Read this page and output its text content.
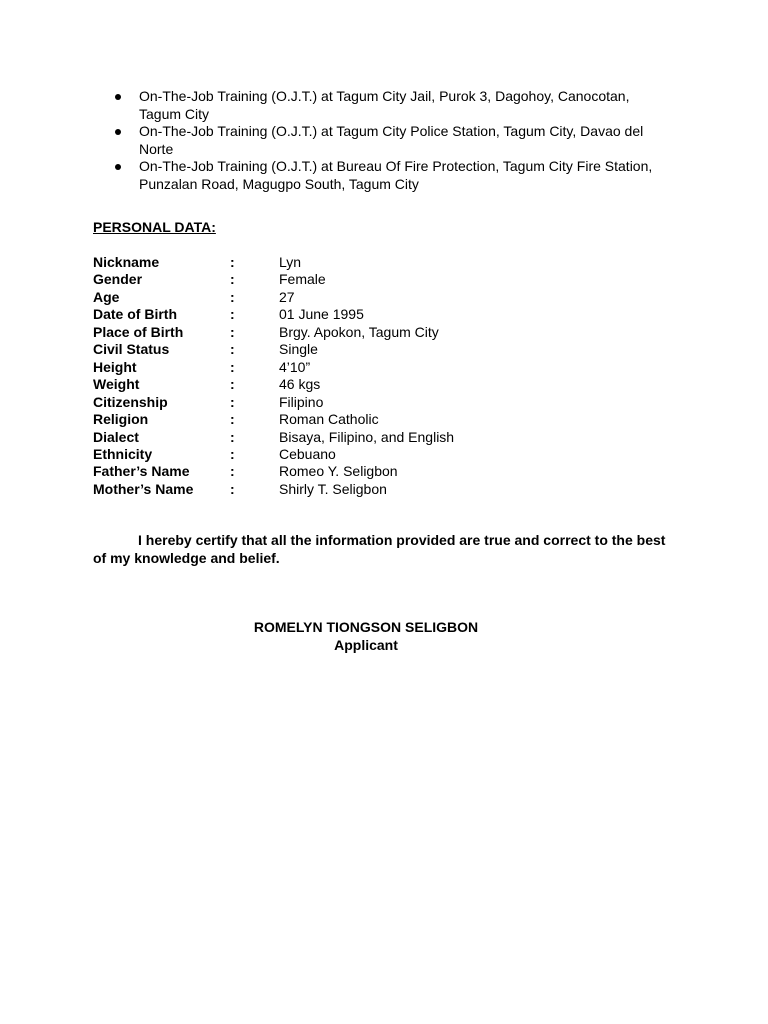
On-The-Job Training (O.J.T.) at Tagum City Jail, Purok 3, Dagohoy, Canocotan, Tagum City
On-The-Job Training (O.J.T.) at Tagum City Police Station, Tagum City, Davao del Norte
On-The-Job Training (O.J.T.) at Bureau Of Fire Protection, Tagum City Fire Station, Punzalan Road, Magugpo South, Tagum City
PERSONAL DATA:
Nickname	:	Lyn
Gender	:	Female
Age	:	27
Date of Birth	:	01 June 1995
Place of Birth	:	Brgy. Apokon, Tagum City
Civil Status	:	Single
Height	:	4’10”
Weight	:	46 kgs
Citizenship	:	Filipino
Religion	:	Roman Catholic
Dialect	:	Bisaya, Filipino, and English
Ethnicity	:	Cebuano
Father’s Name	:	Romeo Y. Seligbon
Mother’s Name	:	Shirly T. Seligbon

I hereby certify that all the information provided are true and correct to the best of my knowledge and belief.

ROMELYN TIONGSON SELIGBON
Applicant
